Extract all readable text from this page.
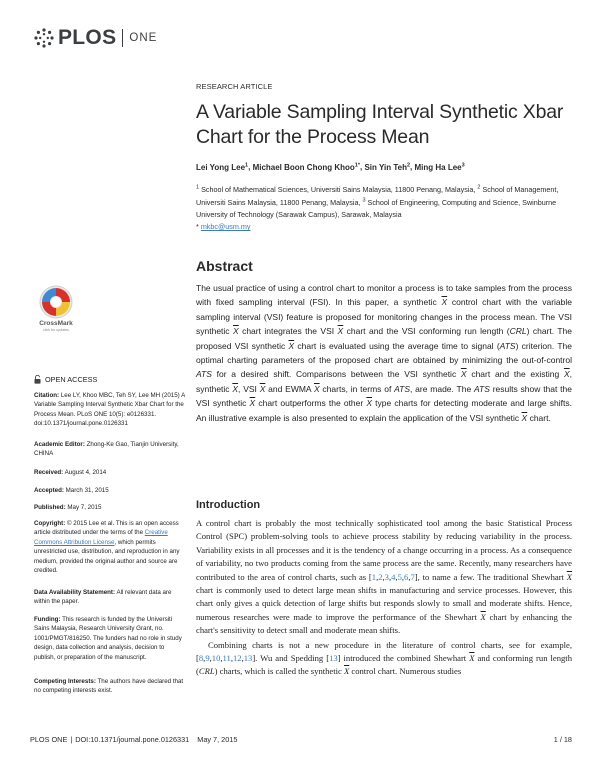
PLOS ONE
RESEARCH ARTICLE
A Variable Sampling Interval Synthetic Xbar Chart for the Process Mean
Lei Yong Lee$^1$, Michael Boon Chong Khoo$^{1*}$, Sin Yin Teh$^2$, Ming Ha Lee$^3$
$^1$ School of Mathematical Sciences, Universiti Sains Malaysia, 11800 Penang, Malaysia, $^2$ School of Management, Universiti Sains Malaysia, 11800 Penang, Malaysia, $^3$ School of Engineering, Computing and Science, Swinburne University of Technology (Sarawak Campus), Sarawak, Malaysia
* mkbc@usm.my
Abstract
The usual practice of using a control chart to monitor a process is to take samples from the process with fixed sampling interval (FSI). In this paper, a synthetic $\overline{X}$ control chart with the variable sampling interval (VSI) feature is proposed for monitoring changes in the process mean. The VSI synthetic $\overline{X}$ chart integrates the VSI $\overline{X}$ chart and the VSI conforming run length (CRL) chart. The proposed VSI synthetic $\overline{X}$ chart is evaluated using the average time to signal (ATS) criterion. The optimal charting parameters of the proposed chart are obtained by minimizing the out-of-control ATS for a desired shift. Comparisons between the VSI synthetic $\overline{X}$ chart and the existing $\overline{X}$, synthetic $\overline{X}$, VSI $\overline{X}$ and EWMA $\overline{X}$ charts, in terms of ATS, are made. The ATS results show that the VSI synthetic $\overline{X}$ chart outperforms the other $\overline{X}$ type charts for detecting moderate and large shifts. An illustrative example is also presented to explain the application of the VSI synthetic $\overline{X}$ chart.
Introduction

A control chart is probably the most technically sophisticated tool among the basic Statistical Process Control (SPC) problem-solving tools to achieve process stability by reducing variability in the process. Variability exists in all processes and it is the tendency of a change occurring in a process. As a consequence of variability, no two products coming from the same process are the same. Recently, many researchers have contributed to the area of control charts, such as [1,2,3,4,5,6,7], to name a few. The traditional Shewhart $\overline{X}$ chart is commonly used to detect large mean shifts in manufacturing and service processes. However, this chart only gives a quick detection of large shifts but responds slowly to small and moderate shifts. Hence, numerous researches were made to improve the performance of the Shewhart $\overline{X}$ chart by enhancing the chart's sensitivity to detect small and moderate mean shifts.

Combining charts is not a new procedure in the literature of control charts, see for example, [8,9,10,11,12,13]. Wu and Spedding [13] introduced the combined Shewhart $\overline{X}$ and conforming run length (CRL) charts, which is called the synthetic $\overline{X}$ control chart. Numerous studies

CrossMark
click for updates
OPEN ACCESS
Citation: Lee LY, Khoo MBC, Teh SY, Lee MH (2015) A Variable Sampling Interval Synthetic Xbar Chart for the Process Mean. PLoS ONE 10(5): e0126331. doi:10.1371/journal.pone.0126331
Academic Editor: Zhong-Ke Gao, Tianjin University, CHINA
Received: August 4, 2014
Accepted: March 31, 2015
Published: May 7, 2015
Copyright: © 2015 Lee et al. This is an open access article distributed under the terms of the Creative Commons Attribution License, which permits unrestricted use, distribution, and reproduction in any medium, provided the original author and source are credited.
Data Availability Statement: All relevant data are within the paper.
Funding: This research is funded by the Universiti Sains Malaysia, Research University Grant, no. 1001/PMGT/816250. The funders had no role in study design, data collection and analysis, decision to publish, or preparation of the manuscript.
Competing Interests: The authors have declared that no competing interests exist.
PLOS ONE | DOI:10.1371/journal.pone.0126331 May 7, 2015	1 / 18
